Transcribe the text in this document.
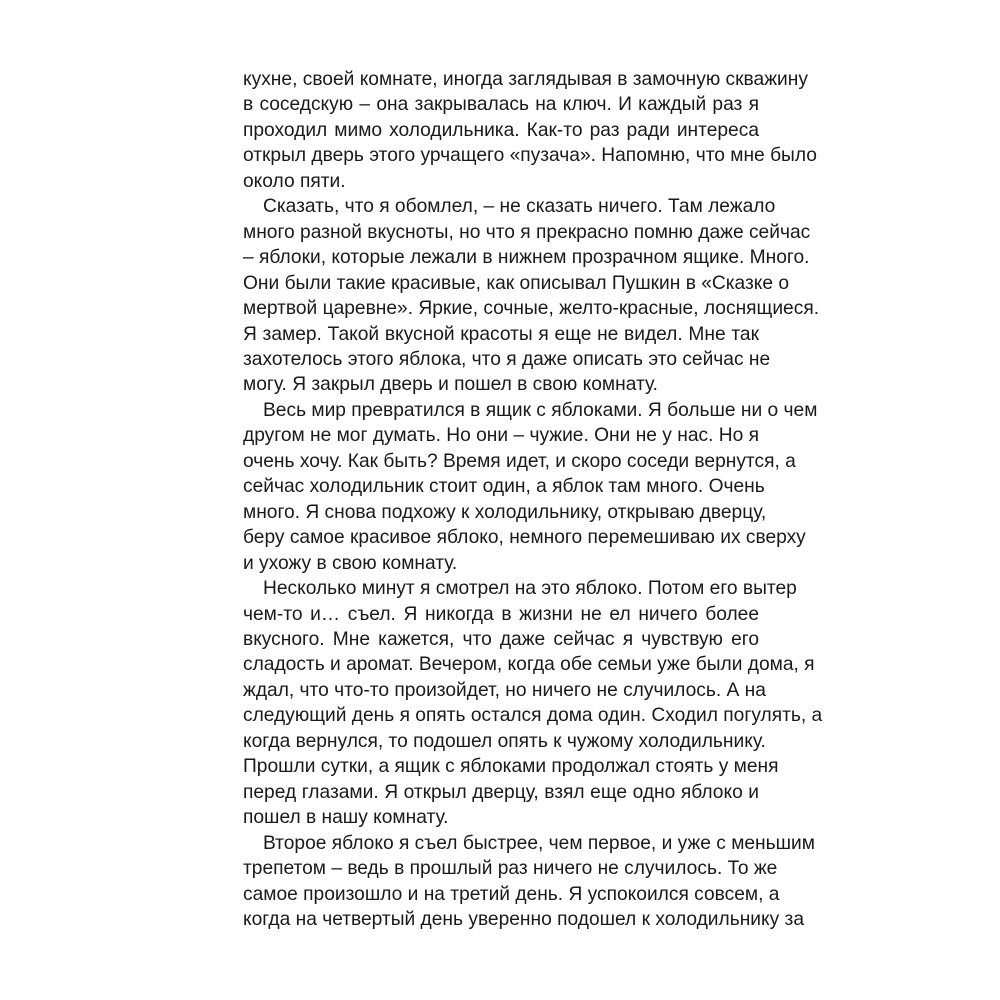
кухне, своей комнате, иногда заглядывая в замочную скважину
в соседскую – она закрывалась на ключ. И каждый раз я
проходил мимо холодильника. Как-то раз ради интереса
открыл дверь этого урчащего «пузача». Напомню, что мне было
около пяти.

Сказать, что я обомлел, – не сказать ничего. Там лежало
много разной вкусноты, но что я прекрасно помню даже сейчас
– яблоки, которые лежали в нижнем прозрачном ящике. Много.
Они были такие красивые, как описывал Пушкин в «Сказке о
мертвой царевне». Яркие, сочные, желто-красные, лоснящиеся.
Я замер. Такой вкусной красоты я еще не видел. Мне так
захотелось этого яблока, что я даже описать это сейчас не
могу. Я закрыл дверь и пошел в свою комнату.

Весь мир превратился в ящик с яблоками. Я больше ни о чем
другом не мог думать. Но они – чужие. Они не у нас. Но я
очень хочу. Как быть? Время идет, и скоро соседи вернутся, а
сейчас холодильник стоит один, а яблок там много. Очень
много. Я снова подхожу к холодильнику, открываю дверцу,
беру самое красивое яблоко, немного перемешиваю их сверху
и ухожу в свою комнату.

Несколько минут я смотрел на это яблоко. Потом его вытер
чем-то и… съел. Я никогда в жизни не ел ничего более
вкусного. Мне кажется, что даже сейчас я чувствую его
сладость и аромат. Вечером, когда обе семьи уже были дома, я
ждал, что что-то произойдет, но ничего не случилось. А на
следующий день я опять остался дома один. Сходил погулять, а
когда вернулся, то подошел опять к чужому холодильнику.
Прошли сутки, а ящик с яблоками продолжал стоять у меня
перед глазами. Я открыл дверцу, взял еще одно яблоко и
пошел в нашу комнату.

Второе яблоко я съел быстрее, чем первое, и уже с меньшим
трепетом – ведь в прошлый раз ничего не случилось. То же
самое произошло и на третий день. Я успокоился совсем, а
когда на четвертый день уверенно подошел к холодильнику за
